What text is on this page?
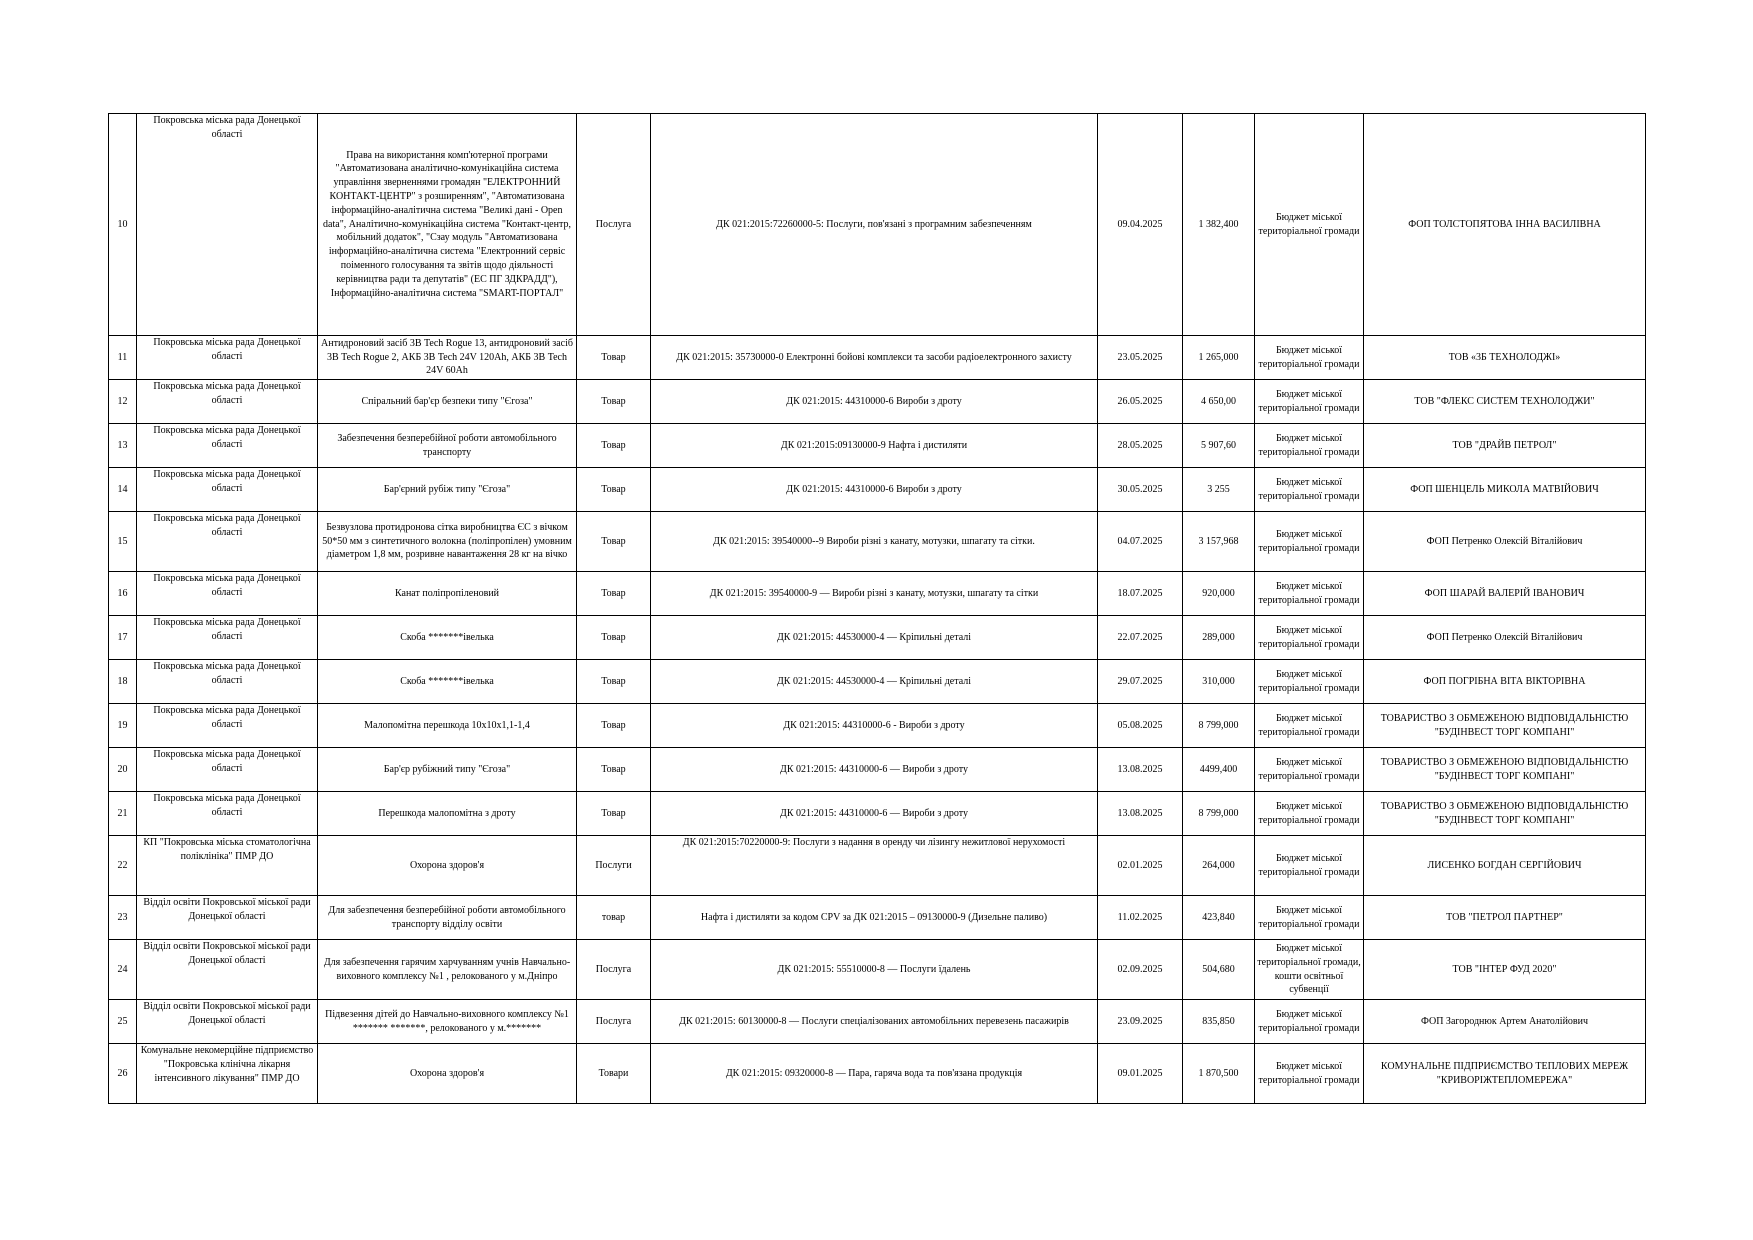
10	Покровська міська рада Донецької області	Права на використання комп'ютерної програми "Автоматизована аналітично-комунікаційна система управління зверненнями громадян "ЕЛЕКТРОННИЙ КОНТАКТ-ЦЕНТР" з розширенням", "Автоматизована інформаційно-аналітична система "Великі дані - Open data", Аналітично-комунікаційна система "Контакт-центр, мобільний додаток", "Сзау модуль "Автоматизована інформаційно-аналітична система "Електронний сервіс поіменного голосування та звітів щодо діяльності керівництва ради та депутатів" (ЕС ПГ ЗДКРАДД"), Інформаційно-аналітична система "SMART-ПОРТАЛ"	Послуга	ДК 021:2015:72260000-5: Послуги, пов'язані з програмним забезпеченням	09.04.2025	1 382,400	Бюджет міської територіальної громади	ФОП ТОЛСТОПЯТОВА ІННА ВАСИЛІВНА
11	Покровська міська рада Донецької області	Антидроновий засіб 3В Tech Rogue 13, антидроновий засіб 3В Tech Rogue 2, АКБ 3В Tech 24V 120Ah, АКБ 3В Tech 24V 60Ah	Товар	ДК 021:2015: 35730000-0 Електронні бойові комплекси та засоби радіоелектронного захисту	23.05.2025	1 265,000	Бюджет міської територіальної громади	ТОВ «3Б ТЕХНОЛОДЖІ»
12	Покровська міська рада Донецької області	Спіральний бар'єр безпеки типу "Єгоза"	Товар	ДК 021:2015: 44310000-6 Вироби з дроту	26.05.2025	4 650,00	Бюджет міської територіальної громади	ТОВ "ФЛЕКС СИСТЕМ ТЕХНОЛОДЖИ"
13	Покровська міська рада Донецької області	Забезпечення безперебійної роботи автомобільного транспорту	Товар	ДК 021:2015:09130000-9 Нафта і дистиляти	28.05.2025	5 907,60	Бюджет міської територіальної громади	ТОВ "ДРАЙВ ПЕТРОЛ"
14	Покровська міська рада Донецької області	Бар'єрний рубіж типу "Єгоза"	Товар	ДК 021:2015: 44310000-6 Вироби з дроту	30.05.2025	3 255	Бюджет міської територіальної громади	ФОП ШЕНЦЕЛЬ МИКОЛА МАТВІЙОВИЧ
15	Покровська міська рада Донецької області	Безвузлова протидронова сітка виробництва ЄС з вічком 50*50 мм з синтетичного волокна (поліпропілен) умовним діаметром 1,8 мм, розривне навантаження 28 кг на вічко	Товар	ДК 021:2015: 39540000--9 Вироби різні з канату, мотузки, шпагату та сітки.	04.07.2025	3 157,968	Бюджет міської територіальної громади	ФОП Петренко Олексій Віталійович
16	Покровська міська рада Донецької області	Канат поліпропіленовий	Товар	ДК 021:2015: 39540000-9 — Вироби різні з канату, мотузки, шпагату та сітки	18.07.2025	920,000	Бюджет міської територіальної громади	ФОП ШАРАЙ ВАЛЕРІЙ ІВАНОВИЧ
17	Покровська міська рада Донецької області	Скоба *******івелька	Товар	ДК 021:2015: 44530000-4 — Кріпильні деталі	22.07.2025	289,000	Бюджет міської територіальної громади	ФОП Петренко Олексій Віталійович
18	Покровська міська рада Донецької області	Скоба *******івелька	Товар	ДК 021:2015: 44530000-4 — Кріпильні деталі	29.07.2025	310,000	Бюджет міської територіальної громади	ФОП ПОГРІБНА ВІТА ВІКТОРІВНА
19	Покровська міська рада Донецької області	Малопомітна перешкода 10х10х1,1-1,4	Товар	ДК 021:2015: 44310000-6 - Вироби з дроту	05.08.2025	8 799,000	Бюджет міської територіальної громади	ТОВАРИСТВО З ОБМЕЖЕНОЮ ВІДПОВІДАЛЬНІСТЮ "БУДІНВЕСТ ТОРГ КОМПАНІ"
20	Покровська міська рада Донецької області	Бар'єр рубіжний типу "Єгоза"	Товар	ДК 021:2015: 44310000-6 — Вироби з дроту	13.08.2025	4499,400	Бюджет міської територіальної громади	ТОВАРИСТВО З ОБМЕЖЕНОЮ ВІДПОВІДАЛЬНІСТЮ "БУДІНВЕСТ ТОРГ КОМПАНІ"
21	Покровська міська рада Донецької області	Перешкода малопомітна з дроту	Товар	ДК 021:2015: 44310000-6 — Вироби з дроту	13.08.2025	8 799,000	Бюджет міської територіальної громади	ТОВАРИСТВО З ОБМЕЖЕНОЮ ВІДПОВІДАЛЬНІСТЮ "БУДІНВЕСТ ТОРГ КОМПАНІ"
22	КП "Покровська міська стоматологічна поліклініка" ПМР ДО	Охорона здоров'я	Послуги	ДК 021:2015:70220000-9: Послуги з надання в оренду чи лізингу нежитлової нерухомості	02.01.2025	264,000	Бюджет міської територіальної громади	ЛИСЕНКО БОГДАН СЕРГІЙОВИЧ
23	Відділ освіти Покровської міської ради Донецької області	Для забезпечення безперебійної роботи автомобільного транспорту відділу освіти	товар	Нафта і дистиляти за кодом CPV за ДК 021:2015 – 09130000-9 (Дизельне паливо)	11.02.2025	423,840	Бюджет міської територіальної громади	ТОВ "ПЕТРОЛ ПАРТНЕР"
24	Відділ освіти Покровської міської ради Донецької області	Для забезпечення гарячим харчуванням учнів Навчально-виховного комплексу №1 , релокованого у м.Дніпро	Послуга	ДК 021:2015: 55510000-8 — Послуги їдалень	02.09.2025	504,680	Бюджет міської територіальної громади, кошти освітньої субвенції	ТОВ "ІНТЕР ФУД 2020"
25	Відділ освіти Покровської міської ради Донецької області	Підвезення дітей до Навчально-виховного комплексу №1 ******* *******, релокованого у м.*******	Послуга	ДК 021:2015: 60130000-8 — Послуги спеціалізованих автомобільних перевезень пасажирів	23.09.2025	835,850	Бюджет міської територіальної громади	ФОП Загороднюк Артем Анатолійович
26	Комунальне некомерційне підприємство "Покровська клінічна лікарня інтенсивного лікування" ПМР ДО	Охорона здоров'я	Товари	ДК 021:2015: 09320000-8 — Пара, гаряча вода та пов'язана продукція	09.01.2025	1 870,500	Бюджет міської територіальної громади	КОМУНАЛЬНЕ ПІДПРИЄМСТВО ТЕПЛОВИХ МЕРЕЖ "КРИВОРІЖТЕПЛОМЕРЕЖА"
